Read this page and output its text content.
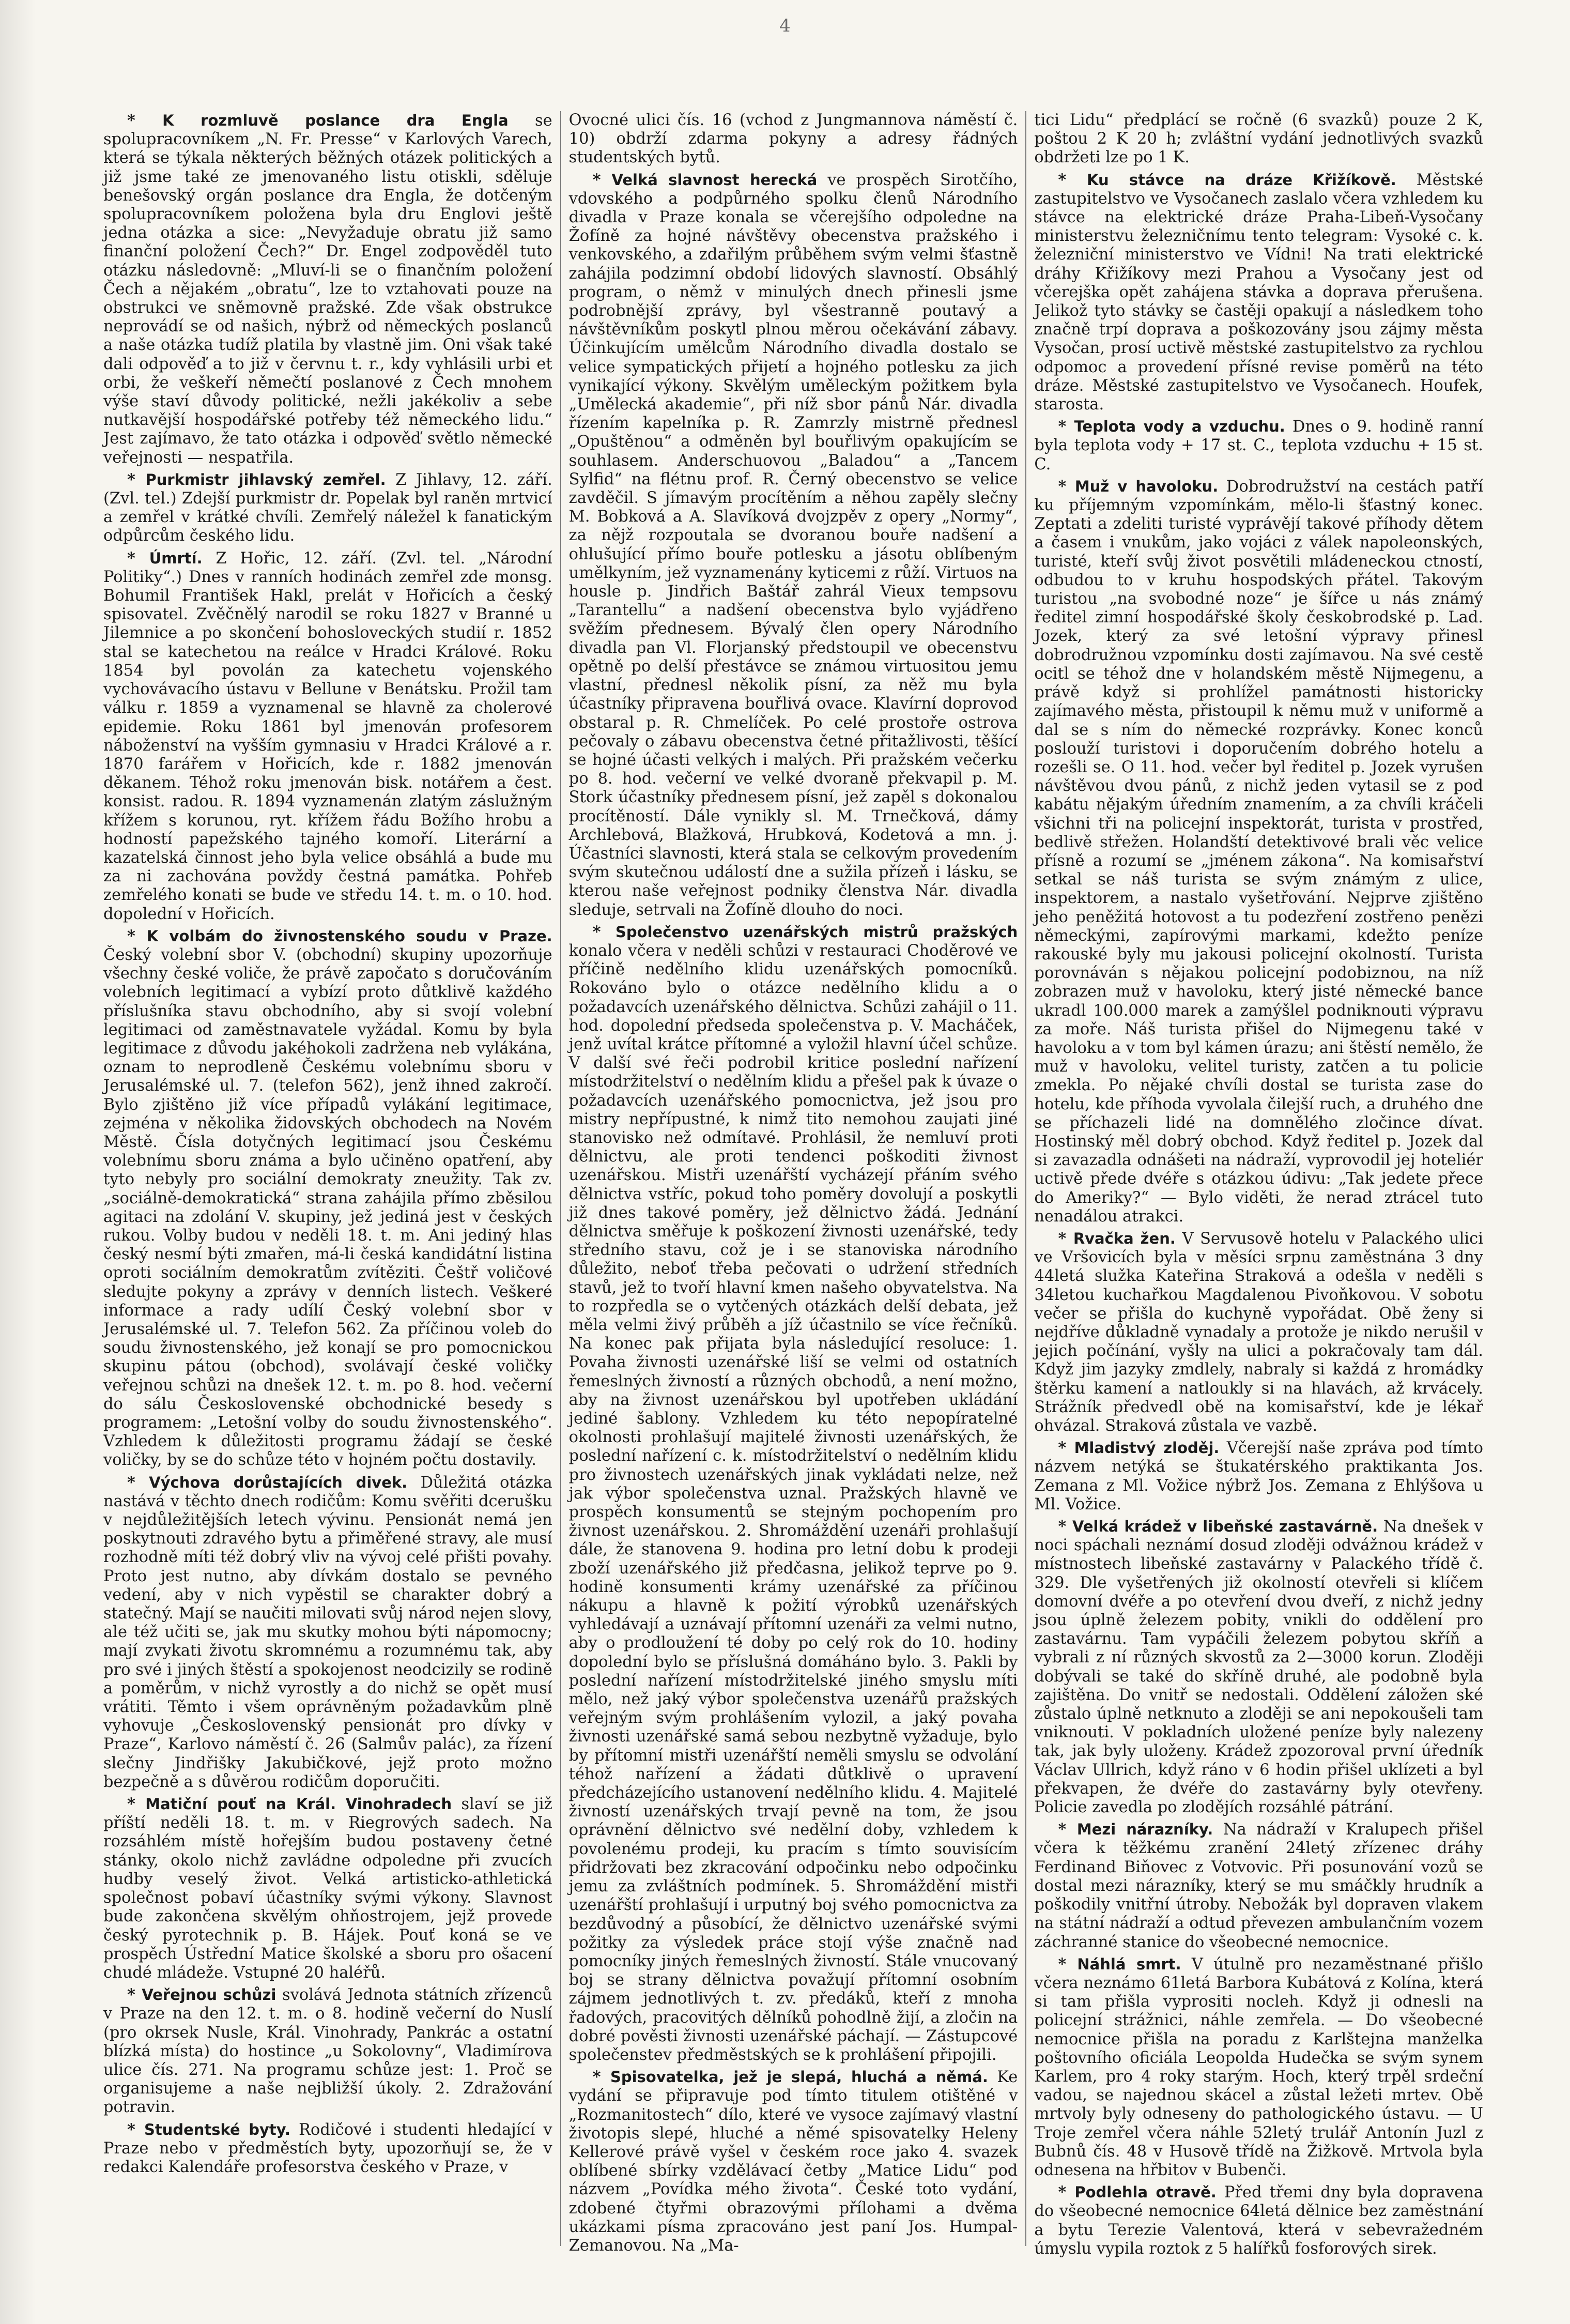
4

* K rozmluvě poslance dra Engla se spolupracovníkem „N. Fr. Presse“ v Karlových Varech, která se týkala některých běžných otázek politických a již jsme také ze jmenovaného listu otiskli, sděluje benešovský orgán poslance dra Engla, že dotčeným spolupracovníkem položena byla dru Englovi ještě jedna otázka a sice: „Nevyžaduje obratu již samo finanční položení Čech?“ Dr. Engel zodpověděl tuto otázku následovně: „Mluví-li se o finančním položení Čech a nějakém „obratu“, lze to vztahovati pouze na obstrukci ve sněmovně pražské. Zde však obstrukce neprovádí se od našich, nýbrž od německých poslanců a naše otázka tudíž platila by vlastně jim. Oni však také dali odpověď a to již v červnu t. r., kdy vyhlásili urbi et orbi, že veškeří němečtí poslanové z Čech mnohem výše staví důvody politické, nežli jakékoliv a sebe nutkavější hospodářské potřeby též německého lidu.“ Jest zajímavo, že tato otázka i odpověď světlo německé veřejnosti — nespatřila.

* Purkmistr jihlavský zemřel. Z Jihlavy, 12. září. (Zvl. tel.) Zdejší purkmistr dr. Popelak byl raněn mrtvicí a zemřel v krátké chvíli. Zemřelý náležel k fanatickým odpůrcům českého lidu.

* Úmrtí. Z Hořic, 12. září. (Zvl. tel. „Národní Politiky“.) Dnes v ranních hodinách zemřel zde monsg. Bohumil František Hakl, prelát v Hořicích a český spisovatel. Zvěčnělý narodil se roku 1827 v Branné u Jilemnice a po skončení bohosloveckých studií r. 1852 stal se katechetou na reálce v Hradci Králové. Roku 1854 byl povolán za katechetu vojenského vychovávacího ústavu v Bellune v Benátsku. Prožil tam válku r. 1859 a vyznamenal se hlavně za cholerové epidemie. Roku 1861 byl jmenován profesorem náboženství na vyšším gymnasiu v Hradci Králové a r. 1870 farářem v Hořicích, kde r. 1882 jmenován děkanem. Téhož roku jmenován bisk. notářem a čest. konsist. radou. R. 1894 vyznamenán zlatým záslužným křížem s korunou, ryt. křížem řádu Božího hrobu a hodností papežského tajného komoří. Literární a kazatelská činnost jeho byla velice obsáhlá a bude mu za ni zachována povždy čestná památka. Pohřeb zemřelého konati se bude ve středu 14. t. m. o 10. hod. dopolední v Hořicích.

* K volbám do živnostenského soudu v Praze. Český volební sbor V. (obchodní) skupiny upozorňuje všechny české voliče, že právě započato s doručováním volebních legitimací a vybízí proto důtklivě každého příslušníka stavu obchodního, aby si svojí volební legitimaci od zaměstnavatele vyžádal. Komu by byla legitimace z důvodu jakéhokoli zadržena neb vylákána, oznam to neprodleně Českému volebnímu sboru v Jerusalémské ul. 7. (telefon 562), jenž ihned zakročí. Bylo zjištěno již více případů vylákání legitimace, zejména v několika židovských obchodech na Novém Městě. Čísla dotyčných legitimací jsou Českému volebnímu sboru známa a bylo učiněno opatření, aby tyto nebyly pro sociální demokraty zneužity. Tak zv. „sociálně-demokratická“ strana zahájila přímo zběsilou agitaci na zdolání V. skupiny, jež jediná jest v českých rukou. Volby budou v neděli 18. t. m. Ani jediný hlas český nesmí býti zmařen, má-li česká kandidátní listina oproti sociálním demokratům zvítěziti. Češtř voličové sledujte pokyny a zprávy v denních listech. Veškeré informace a rady udílí Český volební sbor v Jerusalémské ul. 7. Telefon 562. Za příčinou voleb do soudu živnostenského, jež konají se pro pomocnickou skupinu pátou (obchod), svolávají české voličky veřejnou schůzi na dnešek 12. t. m. po 8. hod. večerní do sálu Československé obchodnické besedy s programem: „Letošní volby do soudu živnostenského“. Vzhledem k důležitosti programu žádají se české voličky, by se do schůze této v hojném počtu dostavily.

* Výchova dorůstajících divek. Důležitá otázka nastává v těchto dnech rodičům: Komu svěřiti dcerušku v nejdůležitějších letech vývinu. Pensionát nemá jen poskytnouti zdravého bytu a přiměřené stravy, ale musí rozhodně míti též dobrý vliv na vývoj celé přišti povahy. Proto jest nutno, aby dívkám dostalo se pevného vedení, aby v nich vypěstil se charakter dobrý a statečný. Mají se naučiti milovati svůj národ nejen slovy, ale též učiti se, jak mu skutky mohou býti nápomocny; mají zvykati životu skromnému a rozumnému tak, aby pro své i jiných štěstí a spokojenost neodcizily se rodině a poměrům, v nichž vyrostly a do nichž se opět musí vrátiti. Těmto i všem oprávněným požadavkům plně vyhovuje „Československý pensionát pro dívky v Praze“, Karlovo náměstí č. 26 (Salmův palác), za řízení slečny Jindřišky Jakubičkové, jejž proto možno bezpečně a s důvěrou rodičům doporučiti.

* Matiční pouť na Král. Vinohradech slaví se již příští neděli 18. t. m. v Riegrových sadech. Na rozsáhlém místě hořejším budou postaveny četné stánky, okolo nichž zavládne odpoledne při zvucích hudby veselý život. Velká artisticko-athletická společnost pobaví účastníky svými výkony. Slavnost bude zakončena skvělým ohňostrojem, jejž provede český pyrotechnik p. B. Hájek. Pouť koná se ve prospěch Ústřední Matice školské a sboru pro ošacení chudé mládeže. Vstupné 20 haléřů.

* Veřejnou schůzi svolává Jednota státních zřízenců v Praze na den 12. t. m. o 8. hodině večerní do Nuslí (pro okrsek Nusle, Král. Vinohrady, Pankrác a ostatní blízká místa) do hostince „u Sokolovny“, Vladimírova ulice čís. 271. Na programu schůze jest: 1. Proč se organisujeme a naše nejbližší úkoly. 2. Zdražování potravin.

* Studentské byty. Rodičové i studenti hledající v Praze nebo v předměstích byty, upozorňují se, že v redakci Kalendáře profesorstva českého v Praze, v

Ovocné ulici čís. 16 (vchod z Jungmannova náměstí č. 10) obdrží zdarma pokyny a adresy řádných studentských bytů.

* Velká slavnost herecká ve prospěch Sirotčího, vdovského a podpůrného spolku členů Národního divadla v Praze konala se včerejšího odpoledne na Žofíně za hojné návštěvy obecenstva pražského i venkovského, a zdařilým průběhem svým velmi šťastně zahájila podzimní období lidových slavností. Obsáhlý program, o němž v minulých dnech přinesli jsme podrobnější zprávy, byl všestranně poutavý a návštěvníkům poskytl plnou měrou očekávání zábavy. Účinkujícím umělcům Národního divadla dostalo se velice sympatických přijetí a hojného potlesku za jich vynikající výkony. Skvělým uměleckým požitkem byla „Umělecká akademie“, při níž sbor pánů Nár. divadla řízením kapelníka p. R. Zamrzly mistrně přednesl „Opuštěnou“ a odměněn byl bouřlivým opakujícím se souhlasem. Anderschuovou „Baladou“ a „Tancem Sylfid“ na flétnu prof. R. Černý obecenstvo se velice zavděčil. S jímavým procítěním a něhou zapěly slečny M. Bobková a A. Slavíková dvojzpěv z opery „Normy“, za nějž rozpoutala se dvoranou bouře nadšení a ohlušující přímo bouře potlesku a jásotu oblíbeným umělkyním, jež vyznamenány kyticemi z růží. Virtuos na housle p. Jindřich Baštář zahrál Vieux tempsovu „Tarantellu“ a nadšení obecenstva bylo vyjádřeno svěžím přednesem. Bývalý člen opery Národního divadla pan Vl. Florjanský předstoupil ve obecenstvu opětně po delší přestávce se známou virtuositou jemu vlastní, přednesl několik písní, za něž mu byla účastníky připravena bouřlivá ovace. Klavírní doprovod obstaral p. R. Chmelíček. Po celé prostoře ostrova pečovaly o zábavu obecenstva četné přitažlivosti, těšící se hojné účasti velkých i malých. Při pražském večerku po 8. hod. večerní ve velké dvoraně překvapil p. M. Stork účastníky přednesem písní, jež zapěl s dokonalou procítěností. Dále vynikly sl. M. Trnečková, dámy Archlebová, Blažková, Hrubková, Kodetová a mn. j. Účastníci slavnosti, která stala se celkovým provedením svým skutečnou událostí dne a sužila přízeň i lásku, se kterou naše veřejnost podniky členstva Nár. divadla sleduje, setrvali na Žofíně dlouho do noci.

* Společenstvo uzenářských mistrů pražských konalo včera v neděli schůzi v restauraci Choděrové ve příčině nedělního klidu uzenářských pomocníků. Rokováno bylo o otázce nedělního klidu a o požadavcích uzenářského dělnictva. Schůzi zahájil o 11. hod. dopolední předseda společenstva p. V. Macháček, jenž uvítal krátce přítomné a vyložil hlavní účel schůze. V další své řeči podrobil kritice poslední nařízení místodržitelství o nedělním klidu a přešel pak k úvaze o požadavcích uzenářského pomocnictva, jež jsou pro mistry nepřípustné, k nimž tito nemohou zaujati jiné stanovisko než odmítavé. Prohlásil, že nemluví proti dělnictvu, ale proti tendenci poškoditi živnost uzenářskou. Mistři uzenářští vycházejí přáním svého dělnictva vstříc, pokud toho poměry dovolují a poskytli již dnes takové poměry, jež dělnictvo žádá. Jednání dělnictva směřuje k poškození živnosti uzenářské, tedy středního stavu, což je i se stanoviska národního důležito, neboť třeba pečovati o udržení středních stavů, jež to tvoří hlavní kmen našeho obyvatelstva. Na to rozpředla se o vytčených otázkách delší debata, jež měla velmi živý průběh a jíž účastnilo se více řečníků. Na konec pak přijata byla následující resoluce: 1. Povaha živnosti uzenářské liší se velmi od ostatních řemeslných živností a různých obchodů, a není možno, aby na živnost uzenářskou byl upotřeben ukládání jediné šablony. Vzhledem ku této nepopíratelné okolnosti prohlašují majitelé živnosti uzenářských, že poslední nařízení c. k. místodržitelství o nedělním klidu pro živnostech uzenářských jinak vykládati nelze, než jak výbor společenstva uznal. Pražských hlavně ve prospěch konsumentů se stejným pochopením pro živnost uzenářskou. 2. Shromáždění uzenáři prohlašují dále, že stanovena 9. hodina pro letní dobu k prodeji zboží uzenářského již předčasna, jelikož teprve po 9. hodině konsumenti krámy uzenářské za příčinou nákupu a hlavně k požití výrobků uzenářských vyhledávají a uznávají přítomní uzenáři za velmi nutno, aby o prodloužení té doby po celý rok do 10. hodiny dopolední bylo se příslušná domáháno bylo. 3. Pakli by poslední nařízení místodržitelské jiného smyslu míti mělo, než jaký výbor společenstva uzenářů pražských veřejným svým prohlášením vylozil, a jaký povaha živnosti uzenářské samá sebou nezbytně vyžaduje, bylo by přítomní mistři uzenářští neměli smyslu se odvolání téhož nařízení a žádati důtklivě o upravení předcházejícího ustanovení nedělního klidu. 4. Majitelé živností uzenářských trvají pevně na tom, že jsou oprávnění dělnictvo své nedělní doby, vzhledem k povolenému prodeji, ku pracím s tímto souvisícím přidržovati bez zkracování odpočinku nebo odpočinku jemu za zvláštních podmínek. 5. Shromáždění mistři uzenářští prohlašují i urputný boj svého pomocnictva za bezdůvodný a působící, že dělnictvo uzenářské svými požitky za výsledek práce stojí výše značně nad pomocníky jiných řemeslných živností. Stále vnucovaný boj se strany dělnictva považují přítomní osobním zájmem jednotlivých t. zv. předáků, kteří z mnoha řadových, pracovitých dělníků pohodlně žijí, a zločin na dobré pověsti živnosti uzenářské páchají. — Zástupcové společenstev předměstských se k prohlášení připojili.

* Spisovatelka, jež je slepá, hluchá a němá. Ke vydání se připravuje pod tímto titulem otištěné v „Rozmanitostech“ dílo, které ve vysoce zajímavý vlastní životopis slepé, hluché a němé spisovatelky Heleny Kellerové právě vyšel v českém roce jako 4. svazek oblíbené sbírky vzdělávací četby „Matice Lidu“ pod názvem „Povídka mého života“. České toto vydání, zdobené čtyřmi obrazovými přílohami a dvěma ukázkami písma zpracováno jest paní Jos. Humpal-Zemanovou. Na „Ma-

tici Lidu“ předplácí se ročně (6 svazků) pouze 2 K, poštou 2 K 20 h; zvláštní vydání jednotlivých svazků obdržeti lze po 1 K.

* Ku stávce na dráze Křižíkově. Městské zastupitelstvo ve Vysočanech zaslalo včera vzhledem ku stávce na elektrické dráze Praha-Libeň-Vysočany ministerstvu železničnímu tento telegram: Vysoké c. k. železniční ministerstvo ve Vídni! Na trati elektrické dráhy Křižíkovy mezi Prahou a Vysočany jest od včerejška opět zahájena stávka a doprava přerušena. Jelikož tyto stávky se častěji opakují a následkem toho značně trpí doprava a poškozovány jsou zájmy města Vysočan, prosí uctivě městské zastupitelstvo za rychlou odpomoc a provedení přísné revise poměrů na této dráze. Městské zastupitelstvo ve Vysočanech. Houfek, starosta.

* Teplota vody a vzduchu. Dnes o 9. hodině ranní byla teplota vody + 17 st. C., teplota vzduchu + 15 st. C.

* Muž v havoloku. Dobrodružství na cestách patří ku příjemným vzpomínkám, mělo-li šťastný konec. Zeptati a zdeliti turisté vyprávějí takové příhody dětem a časem i vnukům, jako vojáci z válek napoleonských, turisté, kteří svůj život posvětili mládeneckou ctností, odbudou to v kruhu hospodských přátel. Takovým turistou „na svobodné noze“ je šířce u nás známý ředitel zimní hospodářské školy českobrodské p. Lad. Jozek, který za své letošní výpravy přinesl dobrodružnou vzpomínku dosti zajímavou. Na své cestě ocitl se téhož dne v holandském městě Nijmegenu, a právě když si prohlížel památnosti historicky zajímavého města, přistoupil k němu muž v uniformě a dal se s ním do německé rozprávky. Konec konců poslouží turistovi i doporučením dobrého hotelu a rozešli se. O 11. hod. večer byl ředitel p. Jozek vyrušen návštěvou dvou pánů, z nichž jeden vytasil se z pod kabátu nějakým úředním znamením, a za chvíli kráčeli všichni tři na policejní inspektorát, turista v prostřed, bedlivě střežen. Holandští detektivové brali věc velice přísně a rozumí se „jménem zákona“. Na komisařství setkal se náš turista se svým známým z ulice, inspektorem, a nastalo vyšetřování. Nejprve zjištěno jeho peněžitá hotovost a tu podezření zostřeno penězi německými, zapírovými markami, kdežto peníze rakouské byly mu jakousi policejní okolností. Turista porovnáván s nějakou policejní podobiznou, na níž zobrazen muž v havoloku, který jisté německé bance ukradl 100.000 marek a zamýšlel podniknouti výpravu za moře. Náš turista přišel do Nijmegenu také v havoloku a v tom byl kámen úrazu; ani štěstí nemělo, že muž v havoloku, velitel turisty, zatčen a tu policie zmekla. Po nějaké chvíli dostal se turista zase do hotelu, kde příhoda vyvolala čilejší ruch, a druhého dne se příchazeli lidé na domnělého zločince dívat. Hostinský měl dobrý obchod. Když ředitel p. Jozek dal si zavazadla odnášeti na nádraží, vyprovodil jej hoteliér uctivě přede dvéře s otázkou údivu: „Tak jedete přece do Ameriky?“ — Bylo viděti, že nerad ztrácel tuto nenadálou atrakci.

* Rvačka žen. V Servusově hotelu v Palackého ulici ve Vršovicích byla v měsíci srpnu zaměstnána 3 dny 44letá služka Kateřina Straková a odešla v neděli s 34letou kuchařkou Magdalenou Pivoňkovou. V sobotu večer se přišla do kuchyně vypořádat. Obě ženy si nejdříve důkladně vynadaly a protože je nikdo nerušil v jejich počínání, vyšly na ulici a pokračovaly tam dál. Když jim jazyky zmdlely, nabraly si každá z hromádky štěrku kamení a natloukly si na hlavách, až krvácely. Strážník předvedl obě na komisařství, kde je lékař ohvázal. Straková zůstala ve vazbě.

* Mladistvý zloděj. Včerejší naše zpráva pod tímto názvem netýká se štukatérského praktikanta Jos. Zemana z Ml. Vožice nýbrž Jos. Zemana z Ehlýšova u Ml. Vožice.

* Velká krádež v libeňské zastavárně. Na dnešek v noci spáchali neznámí dosud zloději odvážnou krádež v místnostech libeňské zastavárny v Palackého třídě č. 329. Dle vyšetřených již okolností otevřeli si klíčem domovní dvéře a po otevření dvou dveří, z nichž jedny jsou úplně železem pobity, vnikli do oddělení pro zastavárnu. Tam vypáčili železem pobytou skříň a vybrali z ní různých skvostů za 2—3000 korun. Zloději dobývali se také do skříně druhé, ale podobně byla zajištěna. Do vnitř se nedostali. Oddělení záložen ské zůstalo úplně netknuto a zloději se ani nepokoušeli tam vniknouti. V pokladních uložené peníze byly nalezeny tak, jak byly uloženy. Krádež zpozoroval první úředník Václav Ullrich, když ráno v 6 hodin přišel uklízeti a byl překvapen, že dvéře do zastavárny byly otevřeny. Policie zavedla po zlodějích rozsáhlé pátrání.

* Mezi nárazníky. Na nádraží v Kralupech přišel včera k těžkému zranění 24letý zřízenec dráhy Ferdinand Biňovec z Votvovic. Při posunování vozů se dostal mezi nárazníky, který se mu smáčkly hrudník a poškodily vnitřní útroby. Nebožák byl dopraven vlakem na státní nádraží a odtud převezen ambulančním vozem záchranné stanice do všeobecné nemocnice.

* Náhlá smrt. V útulně pro nezaměstnané přišlo včera neznámo 61letá Barbora Kubátová z Kolína, která si tam přišla vyprositi nocleh. Když ji odnesli na policejní strážnici, náhle zemřela. — Do všeobecné nemocnice přišla na poradu z Karlštejna manželka poštovního oficiála Leopolda Hudečka se svým synem Karlem, pro 4 roky starým. Hoch, který trpěl srdeční vadou, se najednou skácel a zůstal ležeti mrtev. Obě mrtvoly byly odneseny do pathologického ústavu. — U Troje zemřel včera náhle 52letý trulář Antonín Juzl z Bubnů čís. 48 v Husově třídě na Žižkově. Mrtvola byla odnesena na hřbitov v Bubenči.

* Podlehla otravě. Před třemi dny byla dopravena do všeobecné nemocnice 64letá dělnice bez zaměstnání a bytu Terezie Valentová, která v sebevražedném úmyslu vypila roztok z 5 halířků fosforových sirek.
